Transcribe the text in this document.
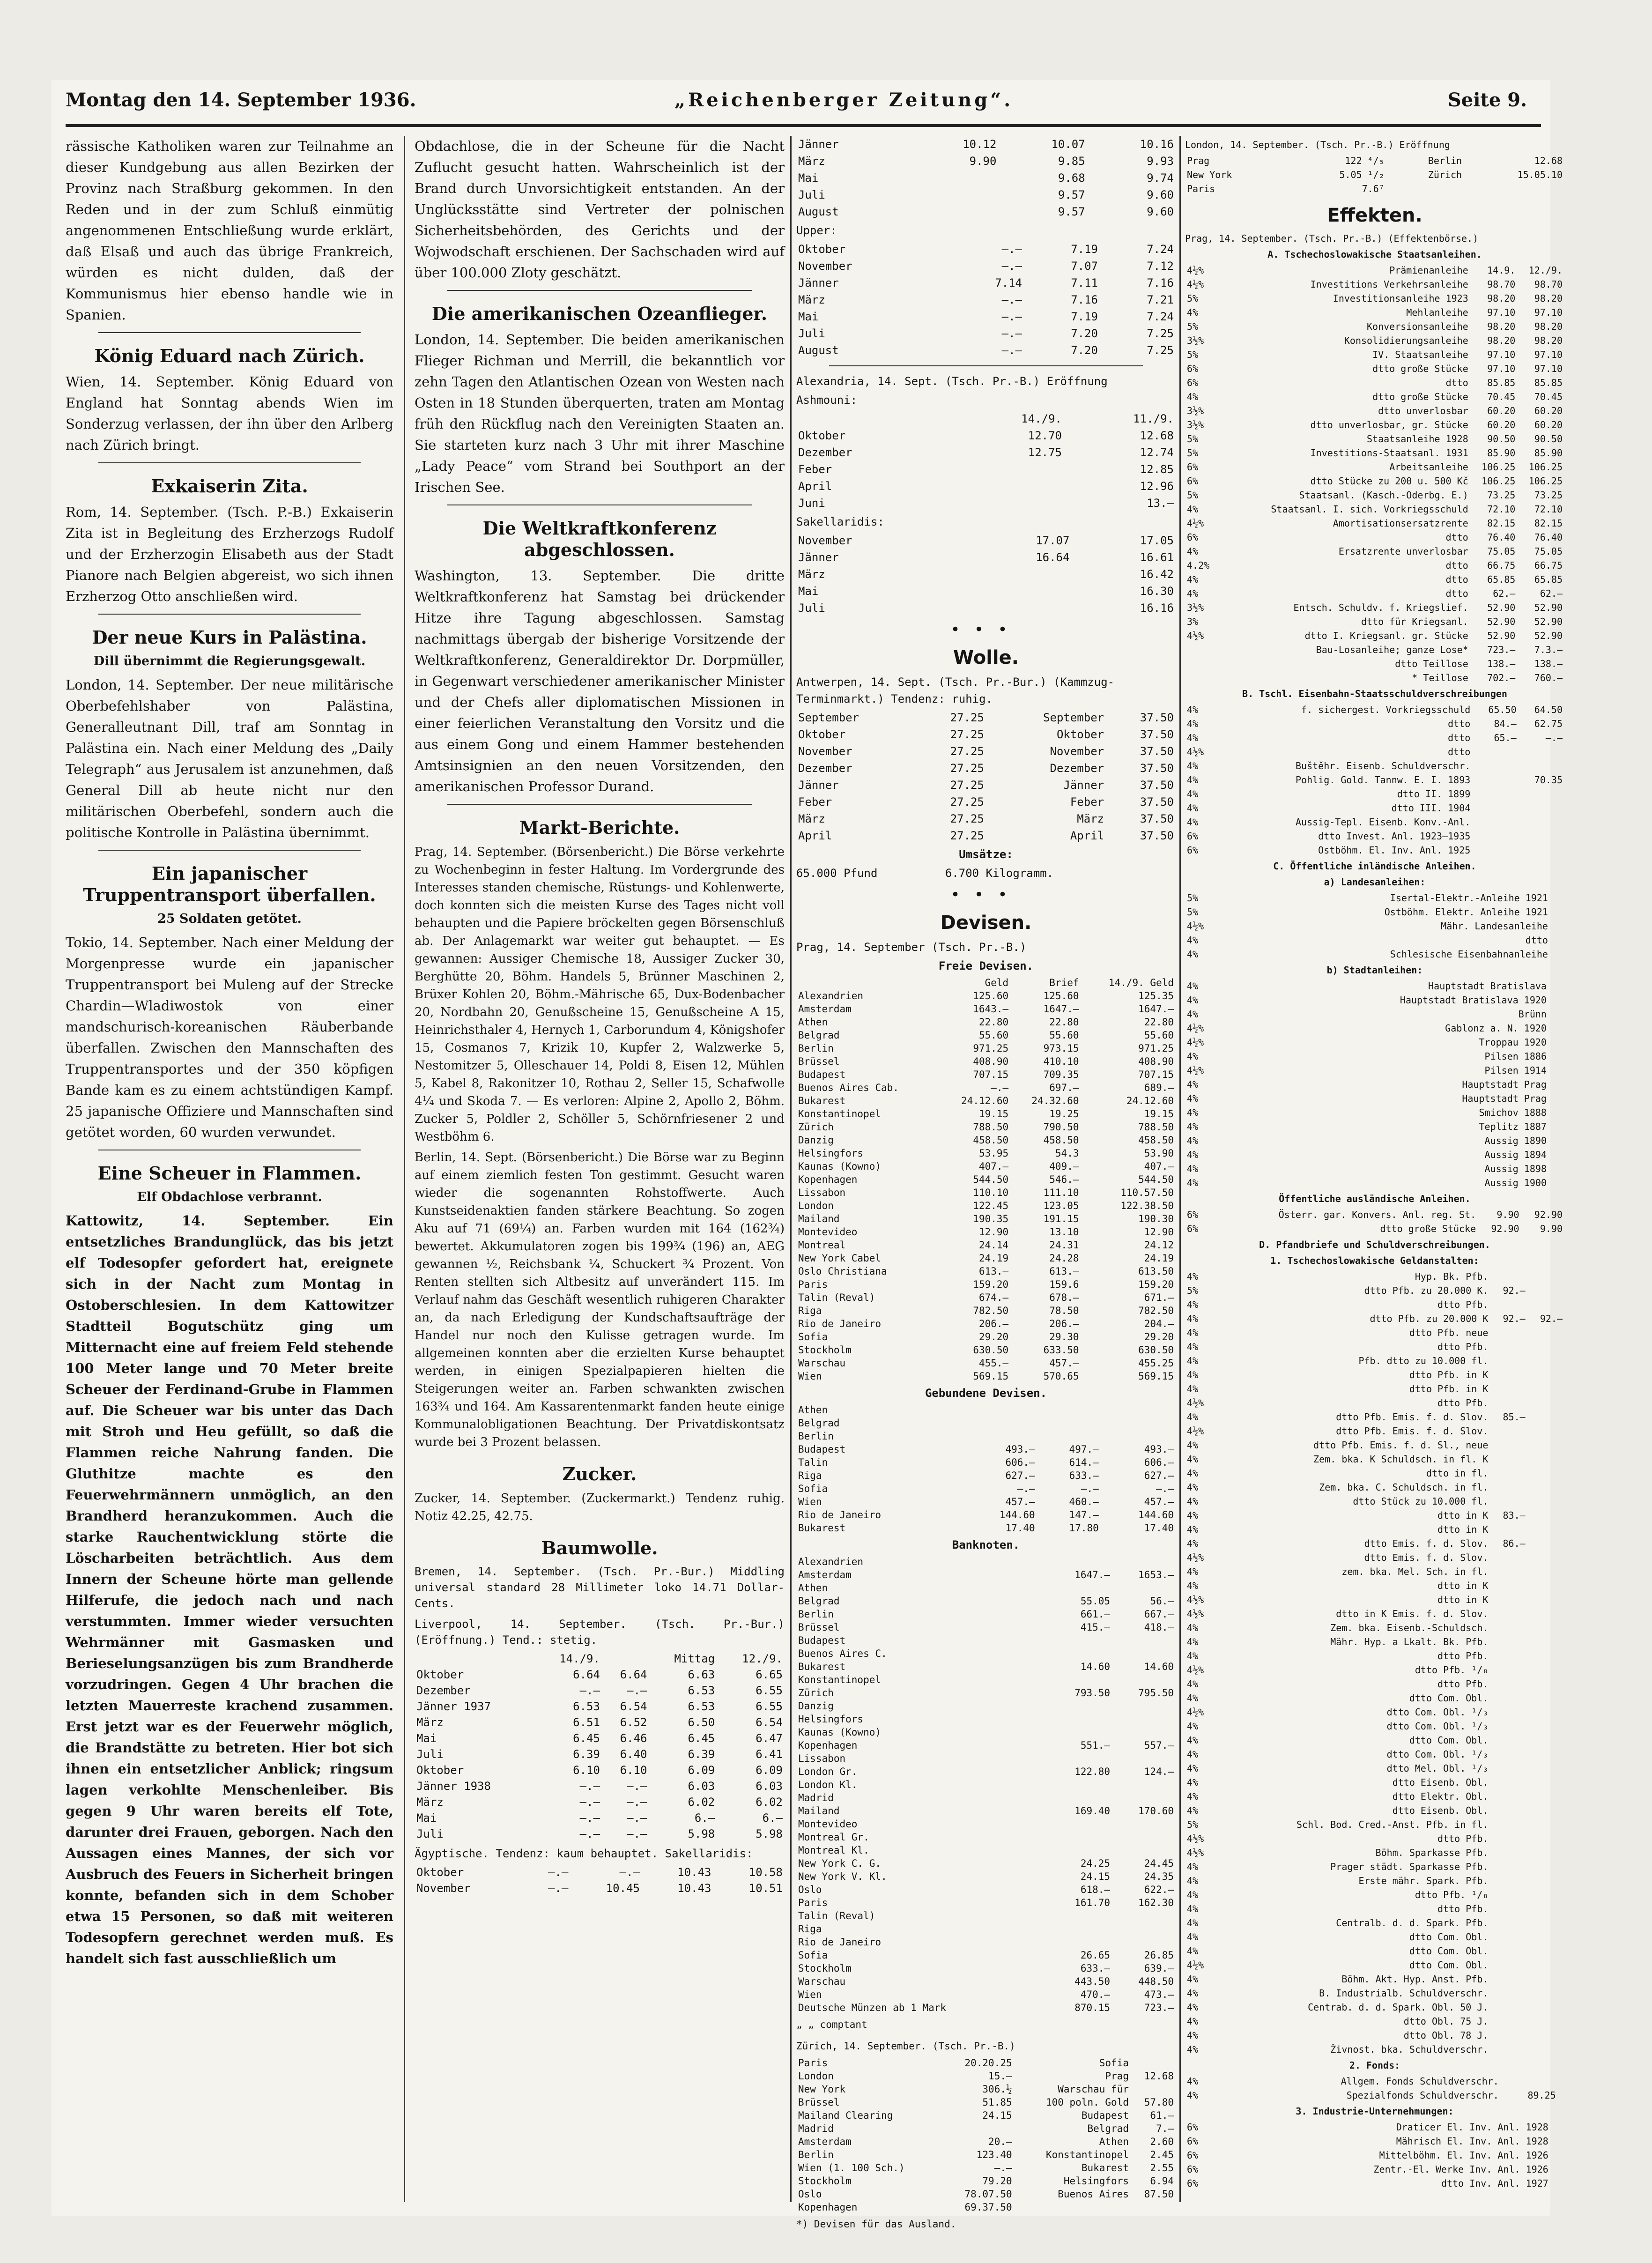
Montag den 14. September 1936.	„Reichenberger Zeitung“.	Seite 9.

rässische Katholiken waren zur Teilnahme an dieser Kundgebung aus allen Bezirken der Provinz nach Straßburg gekommen. In den Reden und in der zum Schluß einmütig angenommenen Entschließung wurde erklärt, daß Elsaß und auch das übrige Frankreich, würden es nicht dulden, daß der Kommunismus hier ebenso handle wie in Spanien.

König Eduard nach Zürich.

Wien, 14. September. König Eduard von England hat Sonntag abends Wien im Sonderzug verlassen, der ihn über den Arlberg nach Zürich bringt.

Exkaiserin Zita.

Rom, 14. September. (Tsch. P.-B.) Exkaiserin Zita ist in Begleitung des Erzherzogs Rudolf und der Erzherzogin Elisabeth aus der Stadt Pianore nach Belgien abgereist, wo sich ihnen Erzherzog Otto anschließen wird.

Der neue Kurs in Palästina.
Dill übernimmt die Regierungsgewalt.

London, 14. September. Der neue militärische Oberbefehlshaber von Palästina, Generalleutnant Dill, traf am Sonntag in Palästina ein. Nach einer Meldung des „Daily Telegraph“ aus Jerusalem ist anzunehmen, daß General Dill ab heute nicht nur den militärischen Oberbefehl, sondern auch die politische Kontrolle in Palästina übernimmt.

Ein japanischer Truppentransport überfallen.
25 Soldaten getötet.

Tokio, 14. September. Nach einer Meldung der Morgenpresse wurde ein japanischer Truppentransport bei Muleng auf der Strecke Chardin—Wladiwostok von einer mandschurisch-koreanischen Räuberbande überfallen. Zwischen den Mannschaften des Truppentransportes und der 350 köpfigen Bande kam es zu einem achtstündigen Kampf. 25 japanische Offiziere und Mannschaften sind getötet worden, 60 wurden verwundet.

Eine Scheuer in Flammen.
Elf Obdachlose verbrannt.

Kattowitz, 14. September. Ein entsetzliches Brandunglück, das bis jetzt elf Todesopfer gefordert hat, ereignete sich in der Nacht zum Montag in Ostoberschlesien. In dem Kattowitzer Stadtteil Bogutschütz ging um Mitternacht eine auf freiem Feld stehende 100 Meter lange und 70 Meter breite Scheuer der Ferdinand-Grube in Flammen auf. Die Scheuer war bis unter das Dach mit Stroh und Heu gefüllt, so daß die Flammen reiche Nahrung fanden. Die Gluthitze machte es den Feuerwehrmännern unmöglich, an den Brandherd heranzukommen. Auch die starke Rauchentwicklung störte die Löscharbeiten beträchtlich. Aus dem Innern der Scheune hörte man gellende Hilferufe, die jedoch nach und nach verstummten. Immer wieder versuchten Wehrmänner mit Gasmasken und Berieselungsanzügen bis zum Brandherde vorzudringen. Gegen 4 Uhr brachen die letzten Mauerreste krachend zusammen. Erst jetzt war es der Feuerwehr möglich, die Brandstätte zu betreten. Hier bot sich ihnen ein entsetzlicher Anblick; ringsum lagen verkohlte Menschenleiber. Bis gegen 9 Uhr waren bereits elf Tote, darunter drei Frauen, geborgen. Nach den Aussagen eines Mannes, der sich vor Ausbruch des Feuers in Sicherheit bringen konnte, befanden sich in dem Schober etwa 15 Personen, so daß mit weiteren Todesopfern gerechnet werden muß. Es handelt sich fast ausschließlich um

Obdachlose, die in der Scheune für die Nacht Zuflucht gesucht hatten. Wahrscheinlich ist der Brand durch Unvorsichtigkeit entstanden. An der Unglücksstätte sind Vertreter der polnischen Sicherheitsbehörden, des Gerichts und der Wojwodschaft erschienen. Der Sachschaden wird auf über 100.000 Zloty geschätzt.

Die amerikanischen Ozeanflieger.

London, 14. September. Die beiden amerikanischen Flieger Richman und Merrill, die bekanntlich vor zehn Tagen den Atlantischen Ozean von Westen nach Osten in 18 Stunden überquerten, traten am Montag früh den Rückflug nach den Vereinigten Staaten an. Sie starteten kurz nach 3 Uhr mit ihrer Maschine „Lady Peace“ vom Strand bei Southport an der Irischen See.

Die Weltkraftkonferenz abgeschlossen.

Washington, 13. September. Die dritte Weltkraftkonferenz hat Samstag bei drückender Hitze ihre Tagung abgeschlossen. Samstag nachmittags übergab der bisherige Vorsitzende der Weltkraftkonferenz, Generaldirektor Dr. Dorpmüller, in Gegenwart verschiedener amerikanischer Minister und der Chefs aller diplomatischen Missionen in einer feierlichen Veranstaltung den Vorsitz und die aus einem Gong und einem Hammer bestehenden Amtsinsignien an den neuen Vorsitzenden, den amerikanischen Professor Durand.

Markt-Berichte.

Prag, 14. September. (Börsenbericht.) Die Börse verkehrte zu Wochenbeginn in fester Haltung. Im Vordergrunde des Interesses standen chemische, Rüstungs- und Kohlenwerte, doch konnten sich die meisten Kurse des Tages nicht voll behaupten und die Papiere bröckelten gegen Börsenschluß ab. Der Anlagemarkt war weiter gut behauptet. — Es gewannen: Aussiger Chemische 18, Aussiger Zucker 30, Berghütte 20, Böhm. Handels 5, Brünner Maschinen 2, Brüxer Kohlen 20, Böhm.-Mährische 65, Dux-Bodenbacher 20, Nordbahn 20, Genußscheine 15, Genußscheine A 15, Heinrichsthaler 4, Hernych 1, Carborundum 4, Königshofer 15, Cosmanos 7, Krizik 10, Kupfer 2, Walzwerke 5, Nestomitzer 5, Olleschauer 14, Poldi 8, Eisen 12, Mühlen 5, Kabel 8, Rakonitzer 10, Rothau 2, Seller 15, Schafwolle 4¼ und Skoda 7. — Es verloren: Alpine 2, Apollo 2, Böhm. Zucker 5, Poldler 2, Schöller 5, Schörnfriesener 2 und Westböhm 6.

Berlin, 14. Sept. (Börsenbericht.) Die Börse war zu Beginn auf einem ziemlich festen Ton gestimmt. Gesucht waren wieder die sogenannten Rohstoffwerte. Auch Kunstseidenaktien fanden stärkere Beachtung. So zogen Aku auf 71 (69¼) an. Farben wurden mit 164 (162¾) bewertet. Akkumulatoren zogen bis 199¾ (196) an, AEG gewannen ½, Reichsbank ¼, Schuckert ¾ Prozent. Von Renten stellten sich Altbesitz auf unverändert 115. Im Verlauf nahm das Geschäft wesentlich ruhigeren Charakter an, da nach Erledigung der Kundschaftsaufträge der Handel nur noch den Kulisse getragen wurde. Im allgemeinen konnten aber die erzielten Kurse behauptet werden, in einigen Spezialpapieren hielten die Steigerungen weiter an. Farben schwankten zwischen 163¾ und 164. Am Kassarentenmarkt fanden heute einige Kommunalobligationen Beachtung. Der Privatdiskontsatz wurde bei 3 Prozent belassen.

Zucker.

Zucker, 14. September. (Zuckermarkt.) Tendenz ruhig. Notiz 42.25, 42.75.

Baumwolle.

Bremen, 14. September. (Tsch. Pr.-Bur.) Middling universal standard 28 Millimeter loko 14.71 Dollar-Cents.

Liverpool, 14. September. (Tsch. Pr.-Bur.) (Eröffnung.) Tend.: stetig.

	14./9.		Mittag	12./9.
Oktober	6.64	6.64	6.63	6.65
Dezember	—.—	—.—	6.53	6.55
Jänner 1937	6.53	6.54	6.53	6.55
März	6.51	6.52	6.50	6.54
Mai	6.45	6.46	6.45	6.47
Juli	6.39	6.40	6.39	6.41
Oktober	6.10	6.10	6.09	6.09
Jänner 1938	—.—	—.—	6.03	6.03
März	—.—	—.—	6.02	6.02
Mai	—.—	—.—	6.—	6.—
Juli	—.—	—.—	5.98	5.98

Ägyptische. Tendenz: kaum behauptet. Sakellaridis:

Oktober	—.—	—.—	10.43	10.58
November	—.—	10.45	10.43	10.51
Jänner		10.12	10.07	10.16
März		9.90	9.85	9.93
Mai			9.68	9.74
Juli			9.57	9.60
August			9.57	9.60
Upper:
Oktober		—.—	7.19	7.24
November		—.—	7.07	7.12
Jänner		7.14	7.11	7.16
März		—.—	7.16	7.21
Mai		—.—	7.19	7.24
Juli		—.—	7.20	7.25
August		—.—	7.20	7.25
Alexandria, 14. Sept. (Tsch. Pr.-B.) Eröffnung
Ashmouni:
		14./9.	11./9.
Oktober		12.70	12.68
Dezember		12.75	12.74
Feber			12.85
April			12.96
Juni			13.—
Sakellaridis:
November		17.07	17.05
Jänner		16.64	16.61
März			16.42
Mai			16.30
Juli			16.16
•••
Wolle.
Antwerpen, 14. Sept. (Tsch. Pr.-Bur.) (Kammzug-Terminmarkt.) Tendenz: ruhig.
September	27.25	September	37.50
Oktober	27.25	Oktober	37.50
November	27.25	November	37.50
Dezember	27.25	Dezember	37.50
Jänner	27.25	Jänner	37.50
Feber	27.25	Feber	37.50
März	27.25	März	37.50
April	27.25	April	37.50
Umsätze:
65.000 Pfund          6.700 Kilogramm.
•••
Devisen.
Prag, 14. September (Tsch. Pr.-B.)
Freie Devisen.
	Geld	Brief	14./9. Geld
Alexandrien	125.60	125.60	125.35
Amsterdam	1643.—	1647.—	1647.—
Athen	22.80	22.80	22.80
Belgrad	55.60	55.60	55.60
Berlin	971.25	973.15	971.25
Brüssel	408.90	410.10	408.90
Budapest	707.15	709.35	707.15
Buenos Aires Cab.	—.—	697.—	689.—
Bukarest	24.12.60	24.32.60	24.12.60
Konstantinopel	19.15	19.25	19.15
Zürich	788.50	790.50	788.50
Danzig	458.50	458.50	458.50
Helsingfors	53.95	54.3	53.90
Kaunas (Kowno)	407.—	409.—	407.—
Kopenhagen	544.50	546.—	544.50
Lissabon	110.10	111.10	110.57.50
London	122.45	123.05	122.38.50
Mailand	190.35	191.15	190.30
Montevideo	12.90	13.10	12.90
Montreal	24.14	24.31	24.12
New York Cabel	24.19	24.28	24.19
Oslo Christiana	613.—	613.—	613.50
Paris	159.20	159.6	159.20
Talin (Reval)	674.—	678.—	671.—
Riga	782.50	78.50	782.50
Rio de Janeiro	206.—	206.—	204.—
Sofia	29.20	29.30	29.20
Stockholm	630.50	633.50	630.50
Warschau	455.—	457.—	455.25
Wien	569.15	570.65	569.15
Gebundene Devisen.
Athen			
Belgrad			
Berlin			
Budapest	493.—	497.—	493.—
Talin	606.—	614.—	606.—
Riga	627.—	633.—	627.—
Sofia	—.—	—.—	—.—
Wien	457.—	460.—	457.—
Rio de Janeiro	144.60	147.—	144.60
Bukarest	17.40	17.80	17.40
Banknoten.
Alexandrien			
Amsterdam		1647.—	1653.—
Athen			
Belgrad		55.05	56.—
Berlin		661.—	667.—
Brüssel		415.—	418.—
Budapest			
Buenos Aires C.			
Bukarest		14.60	14.60
Konstantinopel			
Zürich		793.50	795.50
Danzig			
Helsingfors			
Kaunas (Kowno)			
Kopenhagen		551.—	557.—
Lissabon			
London Gr.		122.80	124.—
London Kl.			
Madrid			
Mailand		169.40	170.60
Montevideo			
Montreal Gr.			
Montreal Kl.			
New York C. G.		24.25	24.45
New York V. Kl.		24.15	24.35
Oslo		618.—	622.—
Paris		161.70	162.30
Talin (Reval)			
Riga			
Rio de Janeiro			
Sofia		26.65	26.85
Stockholm		633.—	639.—
Warschau		443.50	448.50
Wien		470.—	473.—
Deutsche Münzen ab 1 Mark		870.15	723.—
„ „ comptant
Zürich, 14. September. (Tsch. Pr.-B.)
Paris	20.20.25	Sofia	
London	15.—	Prag	12.68
New York	306.½	Warschau für	
Brüssel	51.85	100 poln. Gold	57.80
Mailand Clearing	24.15	Budapest	61.—
Madrid		Belgrad	7.—
Amsterdam	20.—	Athen	2.60
Berlin	123.40	Konstantinopel	2.45
Wien (1. 100 Sch.)	—.—	Bukarest	2.55
Stockholm	79.20	Helsingfors	6.94
Oslo	78.07.50	Buenos Aires	87.50
Kopenhagen	69.37.50		
*) Devisen für das Ausland.
London, 14. September. (Tsch. Pr.-B.) Eröffnung
Prag	122 ⁴/₅	Berlin	12.68
New York	5.05 ¹/₂	Zürich	15.05.10
Paris	7.6⁷		
Effekten.
Prag, 14. September. (Tsch. Pr.-B.) (Effektenbörse.)
A. Tschechoslowakische Staatsanleihen.
4½%	Prämienanleihe	14.9.	12./9.
4½%	Investitions Verkehrsanleihe	98.70	98.70
5%	Investitionsanleihe 1923	98.20	98.20
4%	Mehlanleihe	97.10	97.10
5%	Konversionsanleihe	98.20	98.20
3½%	Konsolidierungsanleihe	98.20	98.20
5%	IV. Staatsanleihe	97.10	97.10
6%	dtto große Stücke	97.10	97.10
6%	dtto	85.85	85.85
4%	dtto große Stücke	70.45	70.45
3½%	dtto unverlosbar	60.20	60.20
3½%	dtto unverlosbar, gr. Stücke	60.20	60.20
5%	Staatsanleihe 1928	90.50	90.50
5%	Investitions-Staatsanl. 1931	85.90	85.90
6%	Arbeitsanleihe	106.25	106.25
6%	dtto Stücke zu 200 u. 500 Kč	106.25	106.25
5%	Staatsanl. (Kasch.-Oderbg. E.)	73.25	73.25
4%	Staatsanl. I. sich. Vorkriegsschuld	72.10	72.10
4½%	Amortisationsersatzrente	82.15	82.15
6%	dtto	76.40	76.40
4%	Ersatzrente unverlosbar	75.05	75.05
4.2%	dtto	66.75	66.75
4%	dtto	65.85	65.85
4%	dtto	62.—	62.—
3½%	Entsch. Schuldv. f. Kriegslief.	52.90	52.90
3%	dtto für Kriegsanl.	52.90	52.90
4½%	dtto I. Kriegsanl. gr. Stücke	52.90	52.90
	Bau-Losanleihe; ganze Lose*	723.—	7.3.—
	dtto Teillose	138.—	138.—
	* Teillose	702.—	760.—
B. Tschl. Eisenbahn-Staatsschuldverschreibungen
4%	f. sichergest. Vorkriegsschuld	65.50	64.50
4%	dtto	84.—	62.75
4%	dtto	65.—	—.—
4½%	dtto		
4%	Buštěhr. Eisenb. Schuldverschr.		
4%	Pohlig. Gold. Tannw. E. I. 1893		70.35
4%	dtto II. 1899		
4%	dtto III. 1904		
4%	Aussig-Tepl. Eisenb. Konv.-Anl.		
6%	dtto Invest. Anl. 1923—1935		
6%	Ostböhm. El. Inv. Anl. 1925		
C. Öffentliche inländische Anleihen.
a) Landesanleihen:
5%	Isertal-Elektr.-Anleihe 1921		
5%	Ostböhm. Elektr. Anleihe 1921		
4½%	Mähr. Landesanleihe		
4%	dtto		
4%	Schlesische Eisenbahnanleihe		
b) Stadtanleihen:
4%	Hauptstadt Bratislava		
4%	Hauptstadt Bratislava 1920		
4%	Brünn		
4½%	Gablonz a. N. 1920		
4½%	Troppau 1920		
4%	Pilsen 1886		
4½%	Pilsen 1914		
4%	Hauptstadt Prag		
4%	Hauptstadt Prag		
4%	Smichov 1888		
4%	Teplitz 1887		
4%	Aussig 1890		
4%	Aussig 1894		
4%	Aussig 1898		
4%	Aussig 1900		
Öffentliche ausländische Anleihen.
6%	Österr. gar. Konvers. Anl. reg. St.	9.90	92.90
6%	dtto große Stücke	92.90	9.90
D. Pfandbriefe und Schuldverschreibungen.
1. Tschechoslowakische Geldanstalten:
4%	Hyp. Bk. Pfb.		
5%	dtto Pfb. zu 20.000 K.	92.—	
4%	dtto Pfb.		
4%	dtto Pfb. zu 20.000 K	92.—	92.—
4%	dtto Pfb. neue		
4%	dtto Pfb.		
4%	Pfb. dtto zu 10.000 fl.		
4%	dtto Pfb. in K		
4%	dtto Pfb. in K		
4½%	dtto Pfb.		
4%	dtto Pfb. Emis. f. d. Slov.	85.—	
4½%	dtto Pfb. Emis. f. d. Slov.		
4%	dtto Pfb. Emis. f. d. Sl., neue		
4%	Zem. bka. K Schuldsch. in fl. K		
4%	dtto in fl.		
4%	Zem. bka. C. Schuldsch. in fl.		
4%	dtto Stück zu 10.000 fl.		
4%	dtto in K	83.—	
4%	dtto in K		
4%	dtto Emis. f. d. Slov.	86.—	
4½%	dtto Emis. f. d. Slov.		
4%	zem. bka. Mel. Sch. in fl.		
4%	dtto in K		
4½%	dtto in K		
4½%	dtto in K Emis. f. d. Slov.		
4%	Zem. bka. Eisenb.-Schuldsch.		
4%	Mähr. Hyp. a Lkalt. Bk. Pfb.		
4%	dtto Pfb.		
4½%	dtto Pfb. ¹/₈		
4%	dtto Pfb.		
4%	dtto Com. Obl.		
4½%	dtto Com. Obl. ¹/₃		
4%	dtto Com. Obl. ¹/₃		
4%	dtto Com. Obl.		
4%	dtto Com. Obl. ¹/₃		
4%	dtto Mel. Obl. ¹/₃		
4%	dtto Eisenb. Obl.		
4%	dtto Elektr. Obl.		
4%	dtto Eisenb. Obl.		
5%	Schl. Bod. Cred.-Anst. Pfb. in fl.		
4½%	dtto Pfb.		
4½%	Böhm. Sparkasse Pfb.		
4%	Prager städt. Sparkasse Pfb.		
4%	Erste mähr. Spark. Pfb.		
4%	dtto Pfb. ¹/₈		
4%	dtto Pfb.		
4%	Centralb. d. d. Spark. Pfb.		
4%	dtto Com. Obl.		
4%	dtto Com. Obl.		
4½%	dtto Com. Obl.		
4%	Böhm. Akt. Hyp. Anst. Pfb.		
4%	B. Industrialb. Schuldverschr.		
4%	Centrab. d. d. Spark. Obl. 50 J.		
4%	dtto Obl. 75 J.		
4%	dtto Obl. 78 J.		
4%	Živnost. bka. Schuldverschr.		
2. Fonds:
4%	Allgem. Fonds Schuldverschr.		
4%	Spezialfonds Schuldverschr.	89.25	
3. Industrie-Unternehmungen:
6%	Draticer El. Inv. Anl. 1928		
6%	Mährisch El. Inv. Anl. 1928		
6%	Mittelböhm. El. Inv. Anl. 1926		
6%	Zentr.-El. Werke Inv. Anl. 1926		
6%	dtto Inv. Anl. 1927		
